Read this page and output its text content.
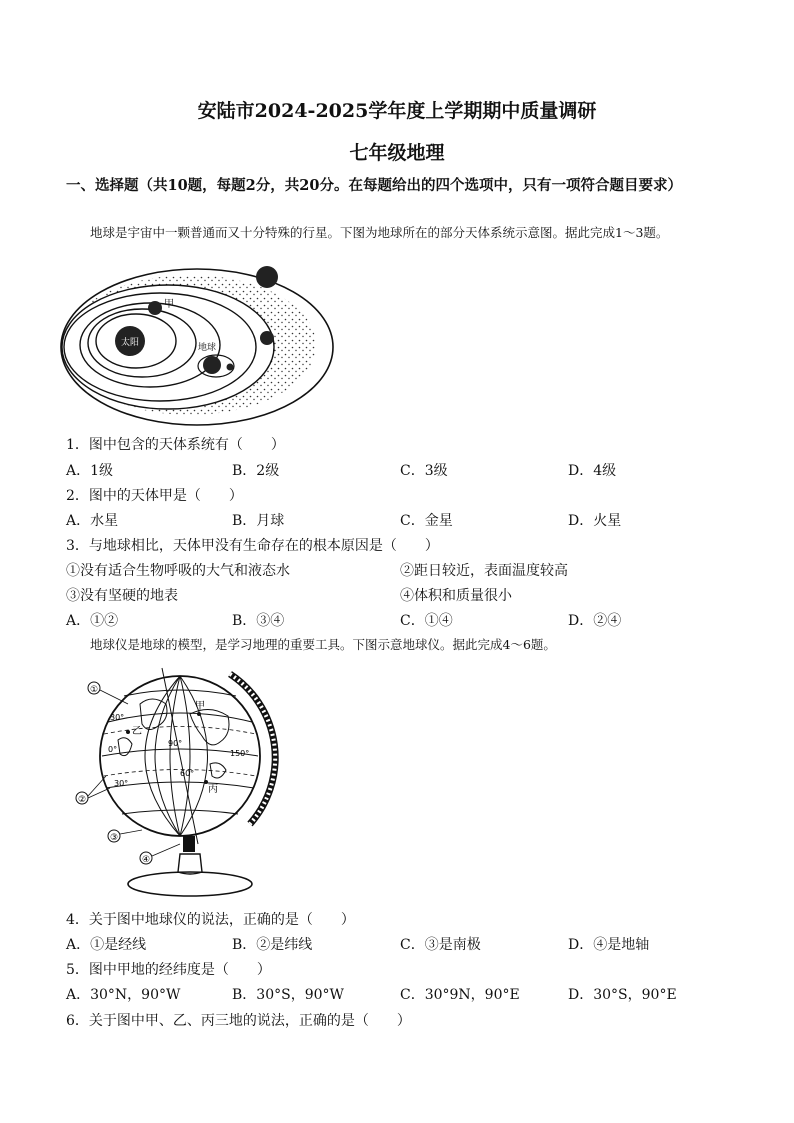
安陆市2024-2025学年度上学期期中质量调研
七年级地理
一、选择题（共10题，每题2分，共20分。在每题给出的四个选项中，只有一项符合题目要求）
地球是宇宙中一颗普通而又十分特殊的行星。下图为地球所在的部分天体系统示意图。据此完成1～3题。
太阳
甲
地球
1．图中包含的天体系统有（　　）
A．1级	B．2级	C．3级	D．4级
2．图中的天体甲是（　　）
A．水星	B．月球	C．金星	D．火星
3．与地球相比，天体甲没有生命存在的根本原因是（　　）
①没有适合生物呼吸的大气和液态水	②距日较近，表面温度较高
③没有坚硬的地表	④体积和质量很小
A．①②	B．③④	C．①④	D．②④
地球仪是地球的模型，是学习地理的重要工具。下图示意地球仪。据此完成4～6题。
甲
乙
丙
30°
0°
30°
90°
60°
150°
①
②
③
④
4．关于图中地球仪的说法，正确的是（　　）
A．①是经线	B．②是纬线	C．③是南极	D．④是地轴
5．图中甲地的经纬度是（　　）
A．30°N，90°W	B．30°S，90°W	C．30°9N，90°E	D．30°S，90°E
6．关于图中甲、乙、丙三地的说法，正确的是（　　）
